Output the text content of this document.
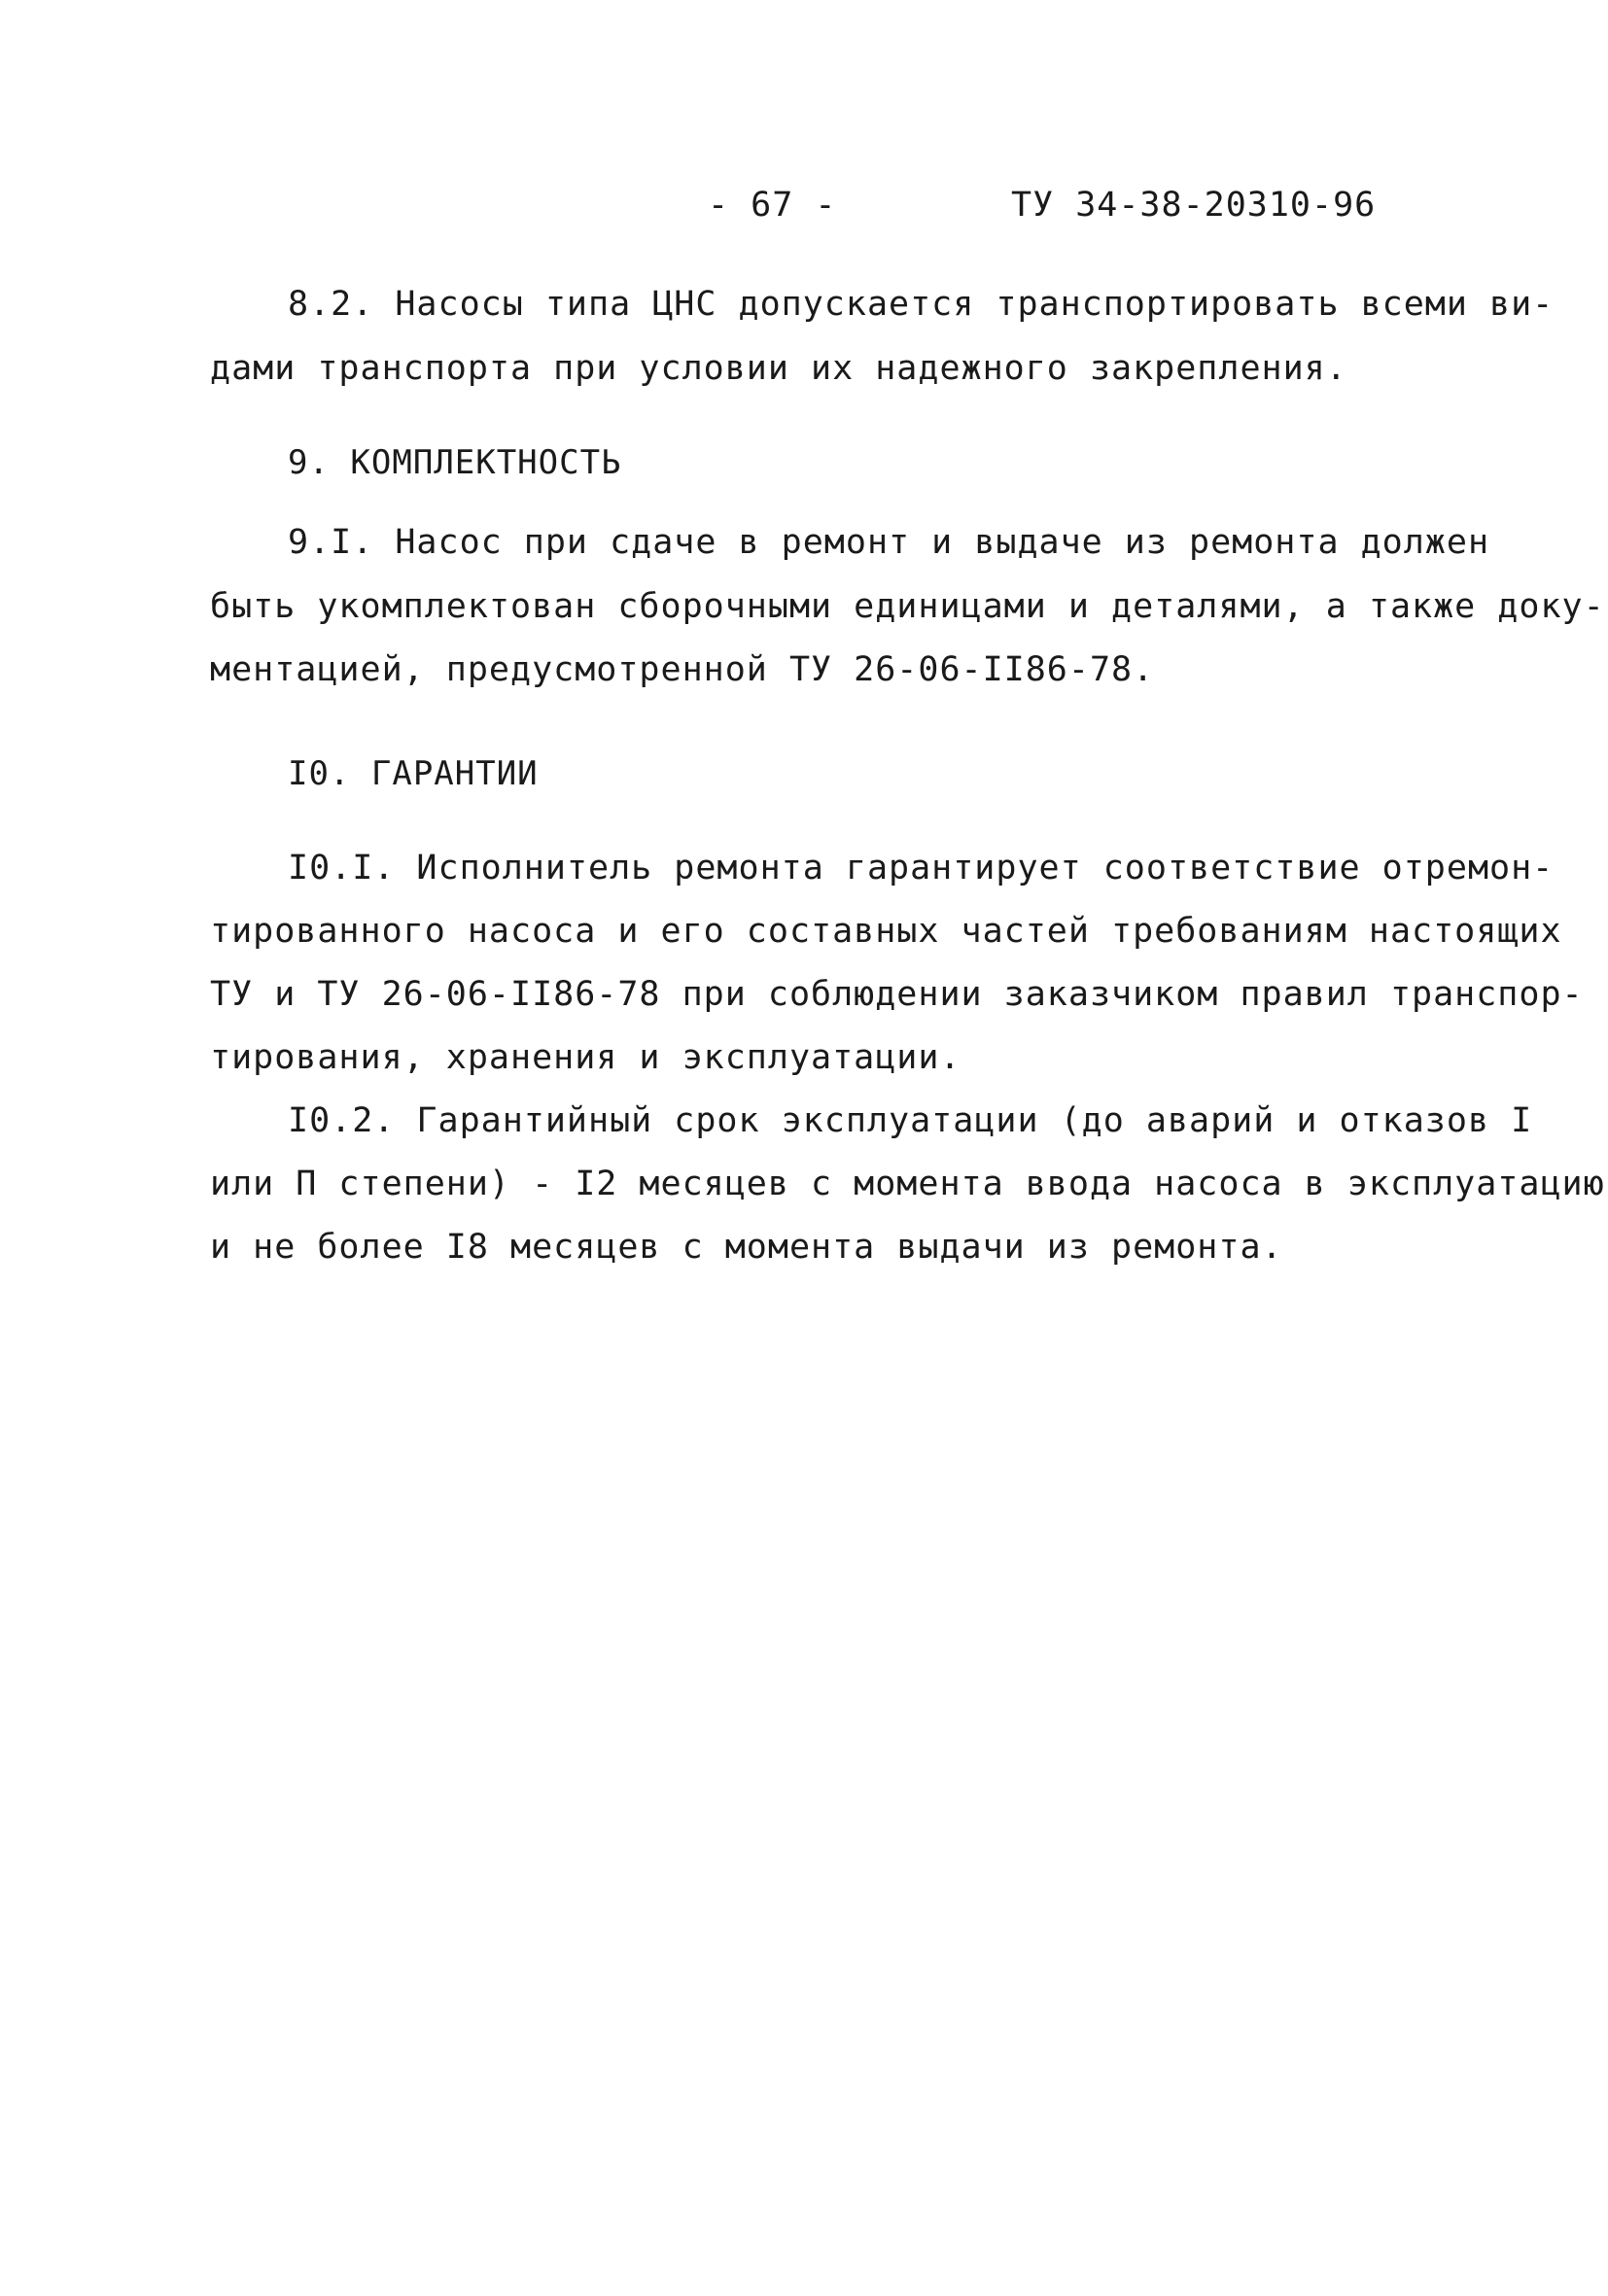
- 67 -	ТУ 34-38-20310-96
8.2. Насосы типа ЦНС допускается транспортировать всеми ви-
дами транспорта при условии их надежного закрепления.
9. КОМПЛЕКТНОСТЬ
9.I. Насос при сдаче в ремонт и выдаче из ремонта должен
быть укомплектован сборочными единицами и деталями, а также доку-
ментацией, предусмотренной ТУ 26-06-II86-78.
I0. ГАРАНТИИ
I0.I. Исполнитель ремонта гарантирует соответствие отремон-
тированного насоса и его составных частей требованиям настоящих
ТУ и ТУ 26-06-II86-78 при соблюдении заказчиком правил транспор-
тирования, хранения и эксплуатации.
I0.2. Гарантийный срок эксплуатации (до аварий и отказов I
или П степени) - I2 месяцев с момента ввода насоса в эксплуатацию
и не более I8 месяцев с момента выдачи из ремонта.
